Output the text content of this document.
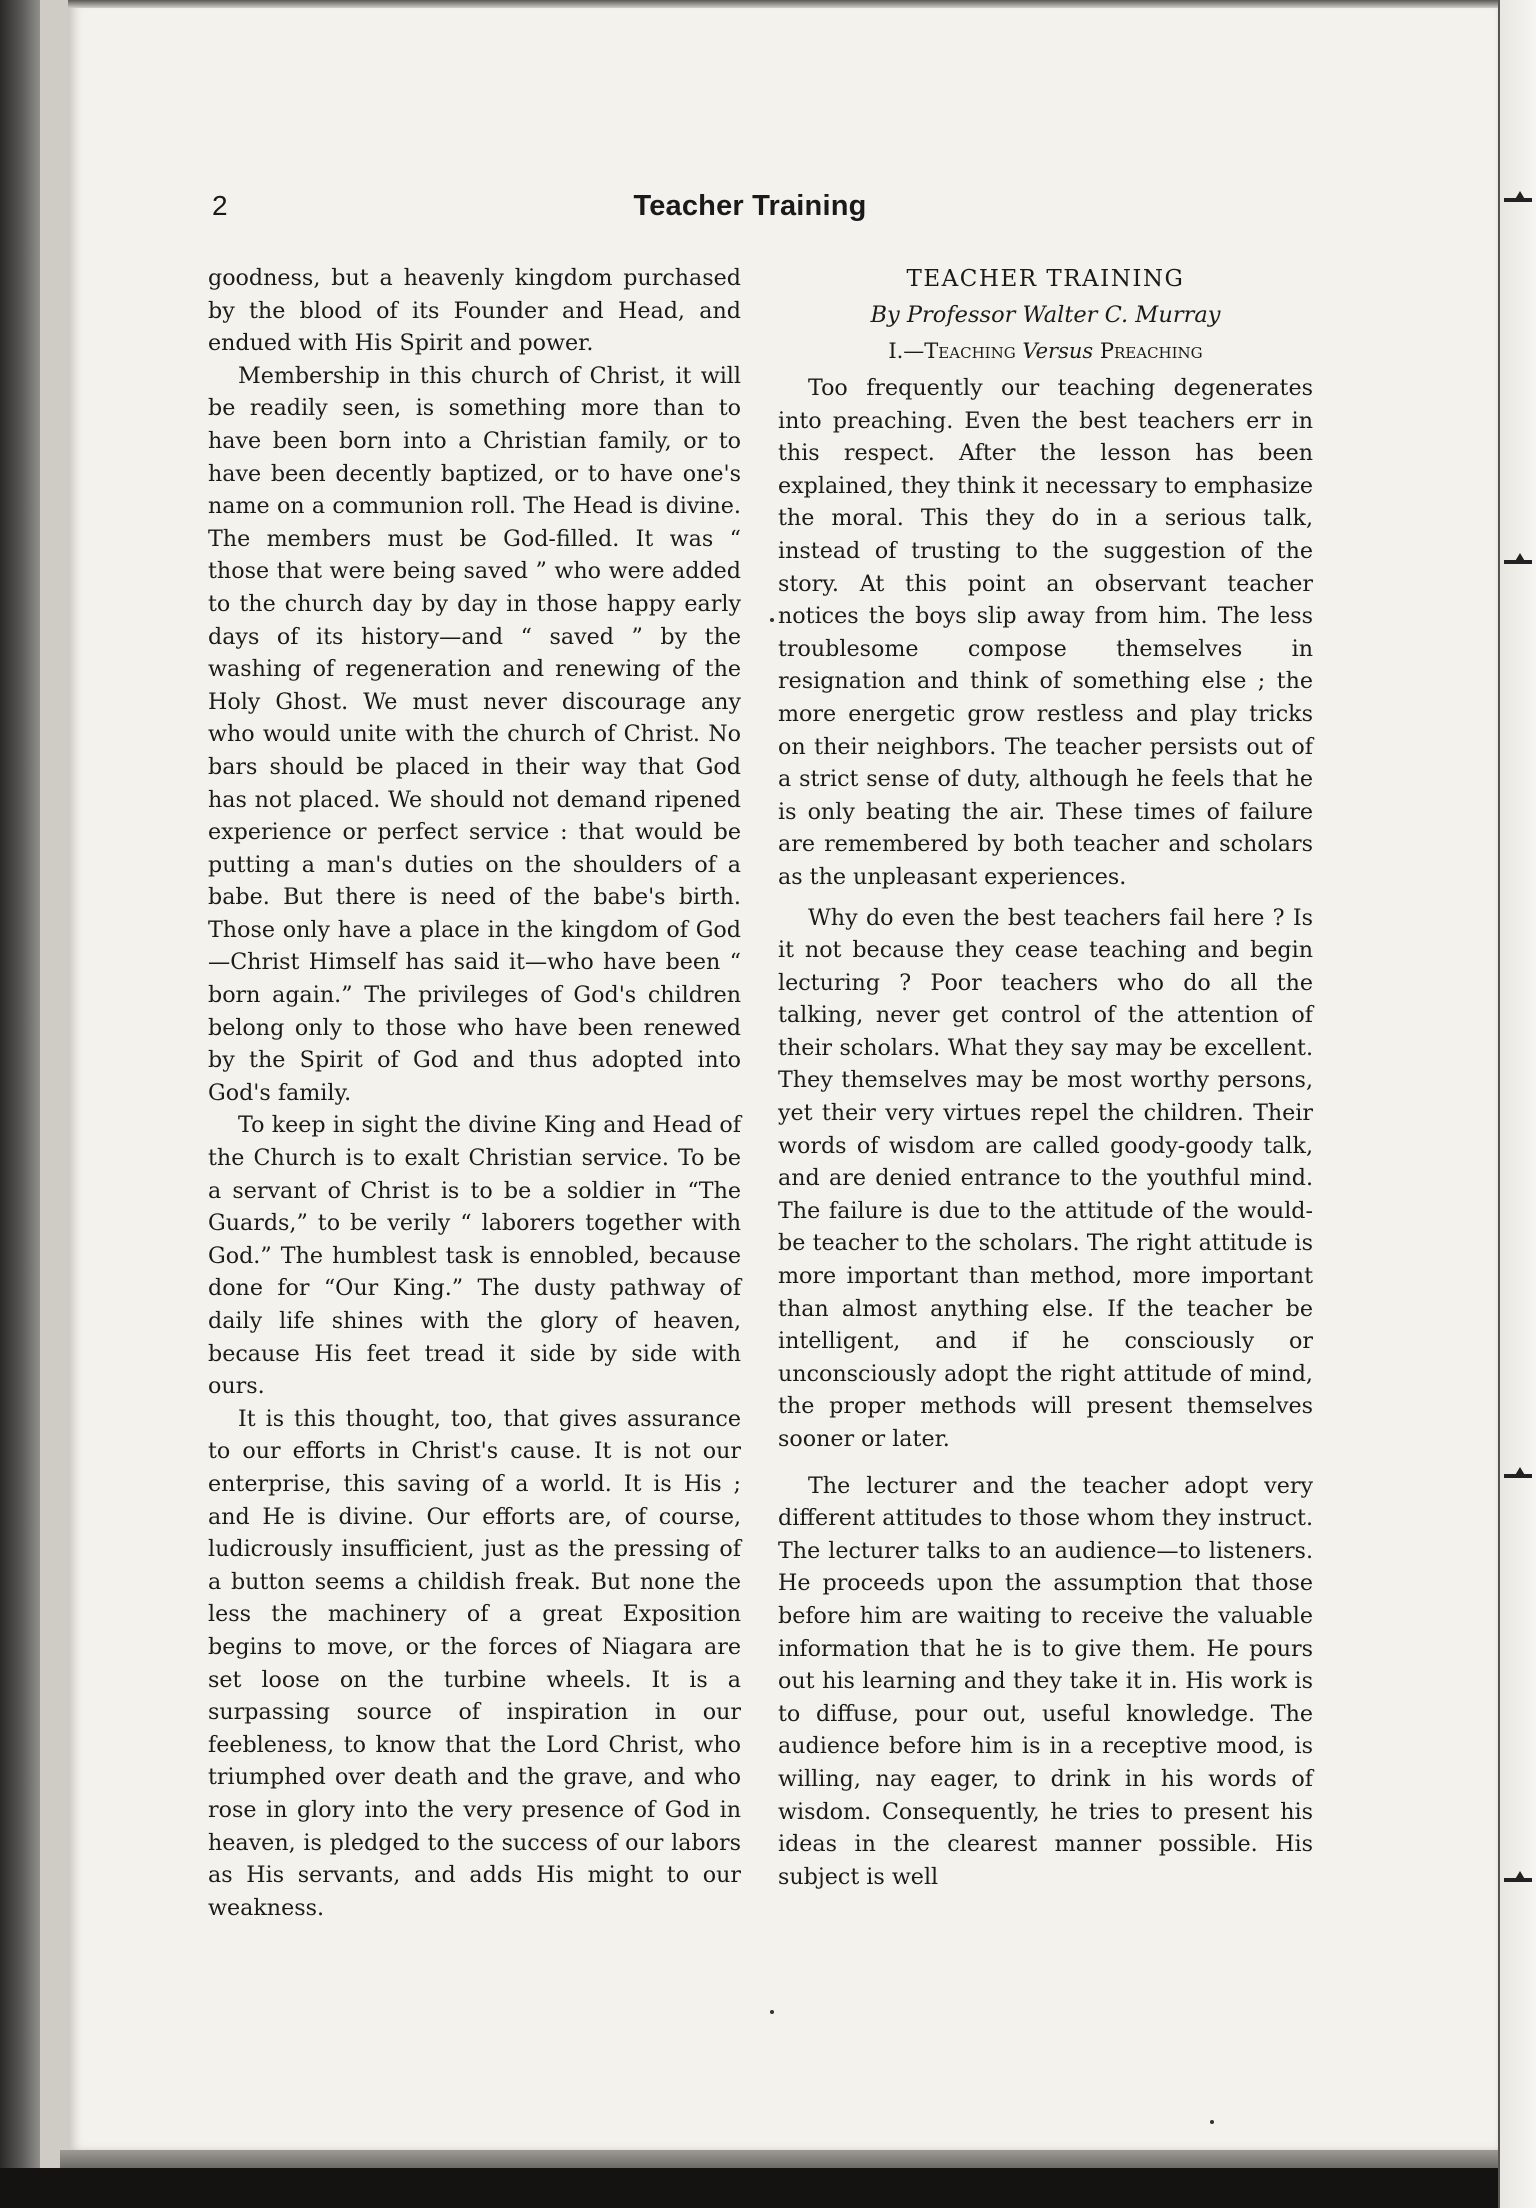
2	Teacher Training

goodness, but a heavenly kingdom purchased by the blood of its Founder and Head, and endued with His Spirit and power.

Membership in this church of Christ, it will be readily seen, is something more than to have been born into a Christian family, or to have been decently baptized, or to have one's name on a communion roll. The Head is divine. The members must be God-filled. It was “ those that were being saved ” who were added to the church day by day in those happy early days of its history—and “ saved ” by the washing of regeneration and renewing of the Holy Ghost. We must never discourage any who would unite with the church of Christ. No bars should be placed in their way that God has not placed. We should not demand ripened experience or perfect service : that would be putting a man's duties on the shoulders of a babe. But there is need of the babe's birth. Those only have a place in the kingdom of God—Christ Himself has said it—who have been “ born again.” The privileges of God's children belong only to those who have been renewed by the Spirit of God and thus adopted into God's family.

To keep in sight the divine King and Head of the Church is to exalt Christian service. To be a servant of Christ is to be a soldier in “The Guards,” to be verily “ laborers together with God.” The humblest task is ennobled, because done for “Our King.” The dusty pathway of daily life shines with the glory of heaven, because His feet tread it side by side with ours.

It is this thought, too, that gives assurance to our efforts in Christ's cause. It is not our enterprise, this saving of a world. It is His ; and He is divine. Our efforts are, of course, ludicrously insufficient, just as the pressing of a button seems a childish freak. But none the less the machinery of a great Exposition begins to move, or the forces of Niagara are set loose on the turbine wheels. It is a surpassing source of inspiration in our feebleness, to know that the Lord Christ, who triumphed over death and the grave, and who rose in glory into the very presence of God in heaven, is pledged to the success of our labors as His servants, and adds His might to our weakness.

TEACHER TRAINING
By Professor Walter C. Murray
I.—Teaching Versus Preaching

Too frequently our teaching degenerates into preaching. Even the best teachers err in this respect. After the lesson has been explained, they think it necessary to emphasize the moral. This they do in a serious talk, instead of trusting to the suggestion of the story. At this point an observant teacher notices the boys slip away from him. The less troublesome compose themselves in resignation and think of something else ; the more energetic grow restless and play tricks on their neighbors. The teacher persists out of a strict sense of duty, although he feels that he is only beating the air. These times of failure are remembered by both teacher and scholars as the unpleasant experiences.

Why do even the best teachers fail here ? Is it not because they cease teaching and begin lecturing ? Poor teachers who do all the talking, never get control of the attention of their scholars. What they say may be excellent. They themselves may be most worthy persons, yet their very virtues repel the children. Their words of wisdom are called goody-goody talk, and are denied entrance to the youthful mind. The failure is due to the attitude of the would-be teacher to the scholars. The right attitude is more important than method, more important than almost anything else. If the teacher be intelligent, and if he consciously or unconsciously adopt the right attitude of mind, the proper methods will present themselves sooner or later.

The lecturer and the teacher adopt very different attitudes to those whom they instruct. The lecturer talks to an audience—to listeners. He proceeds upon the assumption that those before him are waiting to receive the valuable information that he is to give them. He pours out his learning and they take it in. His work is to diffuse, pour out, useful knowledge. The audience before him is in a receptive mood, is willing, nay eager, to drink in his words of wisdom. Consequently, he tries to present his ideas in the clearest manner possible. His subject is well
